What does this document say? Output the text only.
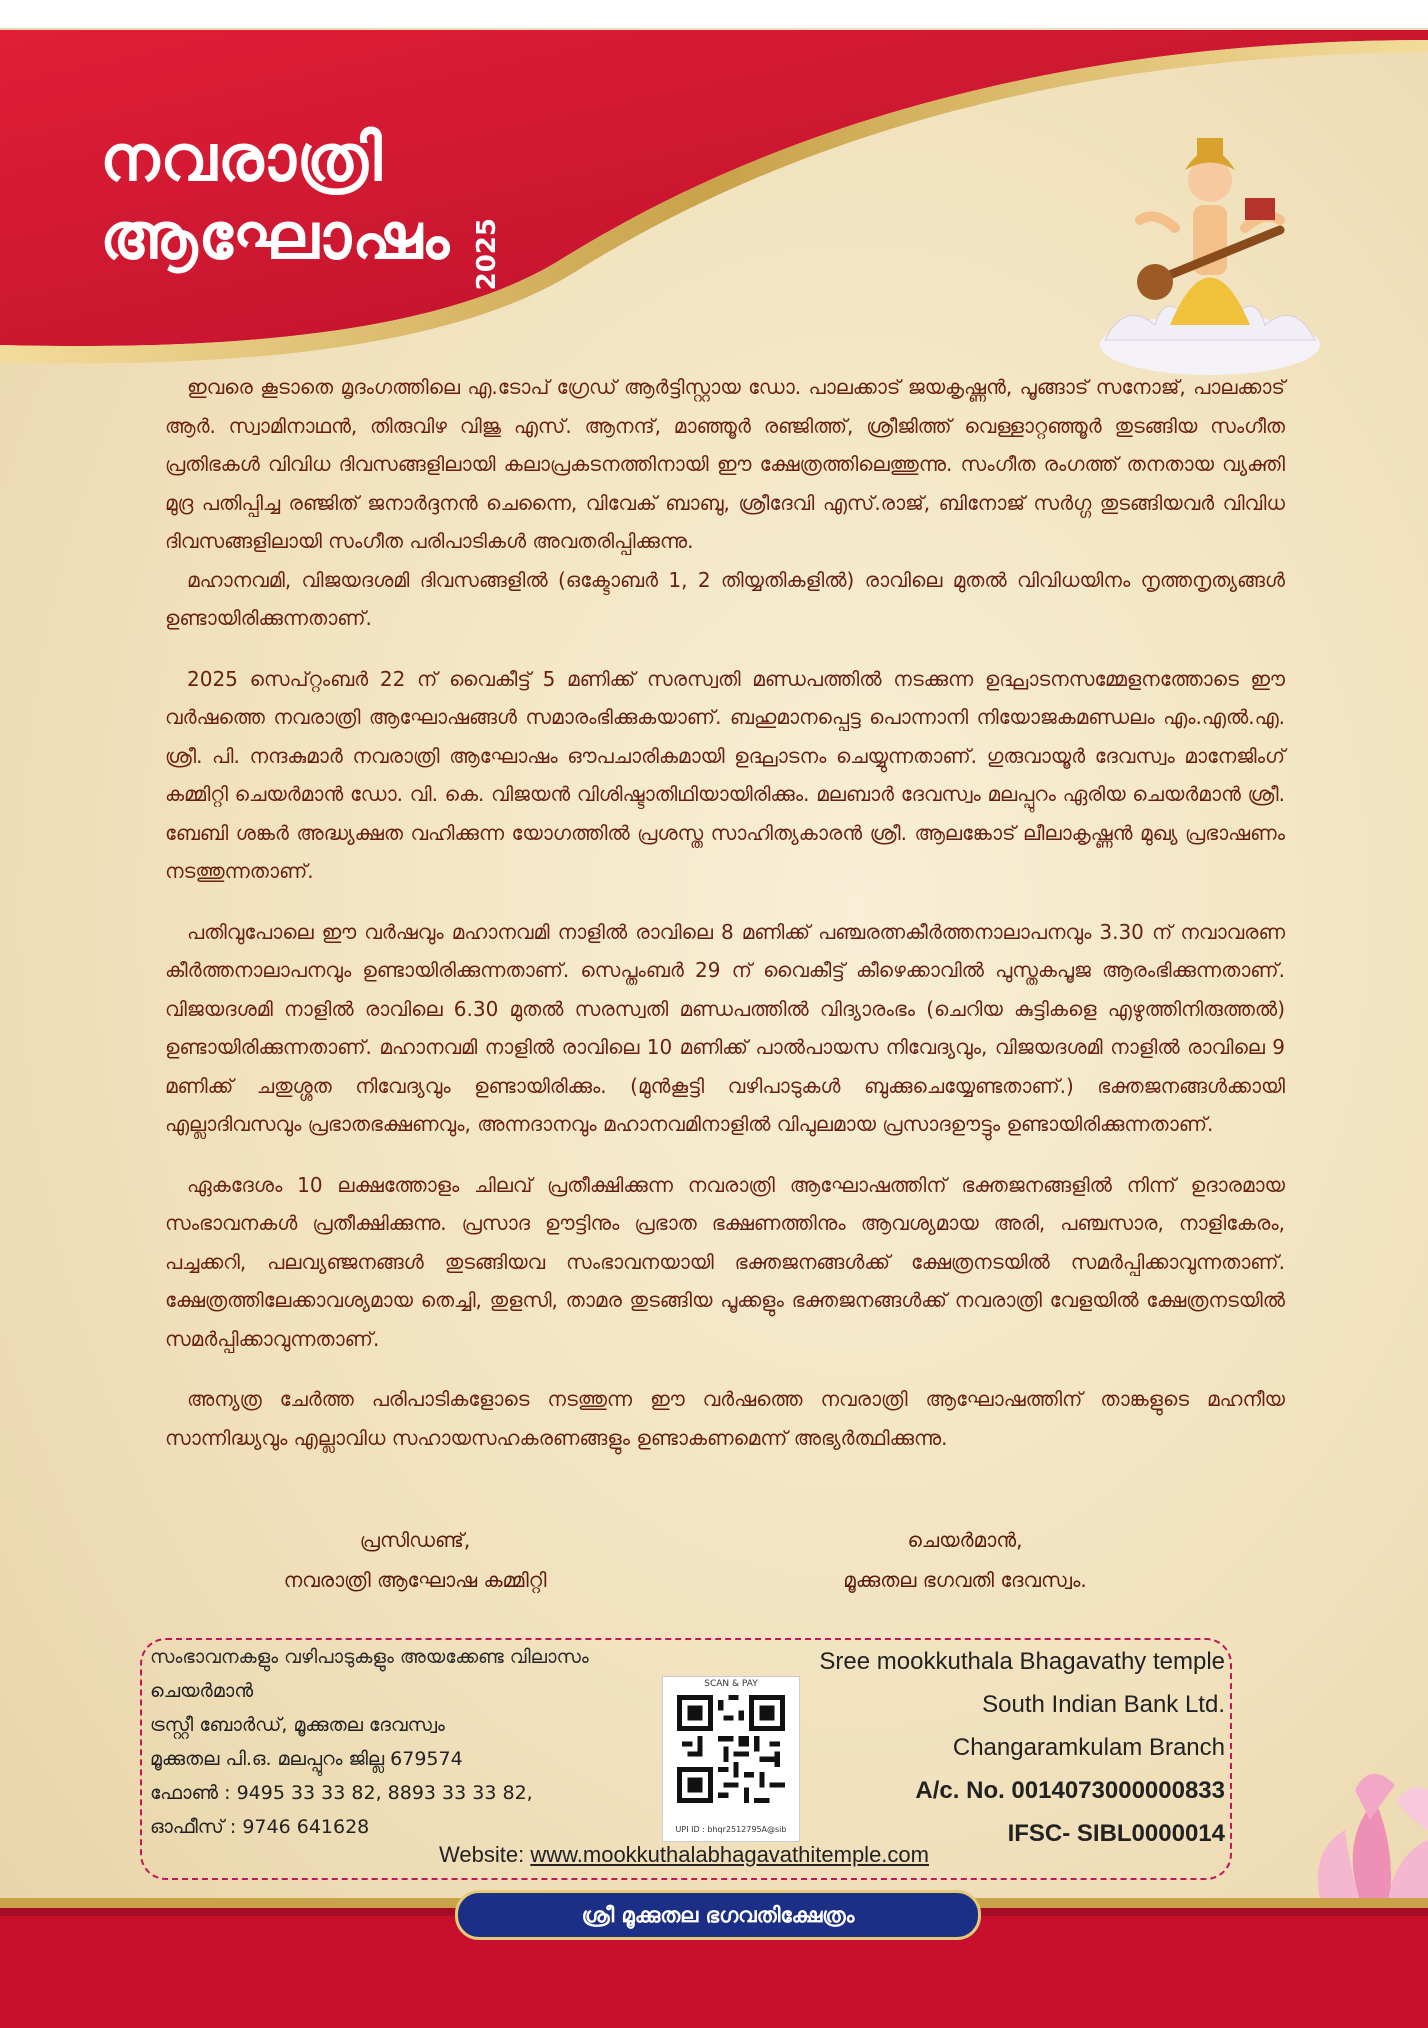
നവരാത്രി
ആഘോഷം 2025

ഇവരെ കൂടാതെ മൃദംഗത്തിലെ എ.ടോപ് ഗ്രേഡ് ആർട്ടിസ്റ്റായ ഡോ. പാലക്കാട് ജയകൃഷ്ണൻ, പൂങ്ങാട് സനോജ്, പാലക്കാട് ആർ. സ്വാമിനാഥൻ, തിരുവിഴ വിജു എസ്. ആനന്ദ്, മാഞ്ഞൂർ രഞ്ജിത്ത്, ശ്രീജിത്ത് വെള്ളാറ്റഞ്ഞൂർ തുടങ്ങിയ സംഗീത പ്രതിഭകൾ വിവിധ ദിവസങ്ങളിലായി കലാപ്രകടനത്തിനായി ഈ ക്ഷേത്രത്തിലെത്തുന്നു. സംഗീത രംഗത്ത് തനതായ വ്യക്തി മുദ്ര പതിപ്പിച്ച രഞ്ജിത് ജനാർദ്ദനൻ ചെന്നൈ, വിവേക് ബാബു, ശ്രീദേവി എസ്.രാജ്, ബിനോജ് സർഗ്ഗ തുടങ്ങിയവർ വിവിധ ദിവസങ്ങളിലായി സംഗീത പരിപാടികൾ അവതരിപ്പിക്കുന്നു.

മഹാനവമി, വിജയദശമി ദിവസങ്ങളിൽ (ഒക്ടോബർ 1, 2 തിയ്യതികളിൽ) രാവിലെ മുതൽ വിവിധയിനം നൃത്തനൃത്യങ്ങൾ ഉണ്ടായിരിക്കുന്നതാണ്.

2025 സെപ്റ്റംബർ 22 ന് വൈകീട്ട് 5 മണിക്ക് സരസ്വതി മണ്ഡപത്തിൽ നടക്കുന്ന ഉദ്ഘാടനസമ്മേളനത്തോടെ ഈ വർഷത്തെ നവരാത്രി ആഘോഷങ്ങൾ സമാരംഭിക്കുകയാണ്. ബഹുമാനപ്പെട്ട പൊന്നാനി നിയോജകമണ്ഡലം എം.എൽ.എ. ശ്രീ. പി. നന്ദകുമാർ നവരാത്രി ആഘോഷം ഔപചാരികമായി ഉദ്ഘാടനം ചെയ്യുന്നതാണ്. ഗുരുവായൂർ ദേവസ്വം മാനേജിംഗ് കമ്മിറ്റി ചെയർമാൻ ഡോ. വി. കെ. വിജയൻ വിശിഷ്ടാതിഥിയായിരിക്കും. മലബാർ ദേവസ്വം മലപ്പുറം ഏരിയ ചെയർമാൻ ശ്രീ. ബേബി ശങ്കർ അദ്ധ്യക്ഷത വഹിക്കുന്ന യോഗത്തിൽ പ്രശസ്ത സാഹിത്യകാരൻ ശ്രീ. ആലങ്കോട് ലീലാകൃഷ്ണൻ മുഖ്യ പ്രഭാഷണം നടത്തുന്നതാണ്.

പതിവുപോലെ ഈ വർഷവും മഹാനവമി നാളിൽ രാവിലെ 8 മണിക്ക് പഞ്ചരത്നകീർത്തനാലാപനവും 3.30 ന് നവാവരണ കീർത്തനാലാപനവും ഉണ്ടായിരിക്കുന്നതാണ്. സെപ്തംബർ 29 ന് വൈകീട്ട് കീഴെക്കാവിൽ പുസ്തകപൂജ ആരംഭിക്കുന്നതാണ്. വിജയദശമി നാളിൽ രാവിലെ 6.30 മുതൽ സരസ്വതി മണ്ഡപത്തിൽ വിദ്യാരംഭം (ചെറിയ കുട്ടികളെ എഴുത്തിനിരുത്തൽ) ഉണ്ടായിരിക്കുന്നതാണ്. മഹാനവമി നാളിൽ രാവിലെ 10 മണിക്ക് പാൽപായസ നിവേദ്യവും, വിജയദശമി നാളിൽ രാവിലെ 9 മണിക്ക് ചതുശ്ശത നിവേദ്യവും ഉണ്ടായിരിക്കും. (മുൻകൂട്ടി വഴിപാടുകൾ ബുക്കുചെയ്യേണ്ടതാണ്.) ഭക്തജനങ്ങൾക്കായി എല്ലാദിവസവും പ്രഭാതഭക്ഷണവും, അന്നദാനവും മഹാനവമിനാളിൽ വിപുലമായ പ്രസാദഊട്ടും ഉണ്ടായിരിക്കുന്നതാണ്.

ഏകദേശം 10 ലക്ഷത്തോളം ചിലവ് പ്രതീക്ഷിക്കുന്ന നവരാത്രി ആഘോഷത്തിന് ഭക്തജനങ്ങളിൽ നിന്ന് ഉദാരമായ സംഭാവനകൾ പ്രതീക്ഷിക്കുന്നു. പ്രസാദ ഊട്ടിനും പ്രഭാത ഭക്ഷണത്തിനും ആവശ്യമായ അരി, പഞ്ചസാര, നാളികേരം, പച്ചക്കറി, പലവ്യഞ്ജനങ്ങൾ തുടങ്ങിയവ സംഭാവനയായി ഭക്തജനങ്ങൾക്ക് ക്ഷേത്രനടയിൽ സമർപ്പിക്കാവുന്നതാണ്. ക്ഷേത്രത്തിലേക്കാവശ്യമായ തെച്ചി, തുളസി, താമര തുടങ്ങിയ പൂക്കളും ഭക്തജനങ്ങൾക്ക് നവരാത്രി വേളയിൽ ക്ഷേത്രനടയിൽ സമർപ്പിക്കാവുന്നതാണ്.

അന്യത്ര ചേർത്ത പരിപാടികളോടെ നടത്തുന്ന ഈ വർഷത്തെ നവരാത്രി ആഘോഷത്തിന് താങ്കളുടെ മഹനീയ സാന്നിദ്ധ്യവും എല്ലാവിധ സഹായസഹകരണങ്ങളും ഉണ്ടാകണമെന്ന് അഭ്യർത്ഥിക്കുന്നു.

പ്രസിഡണ്ട്,
നവരാത്രി ആഘോഷ കമ്മിറ്റി
ചെയർമാൻ,
മൂക്കുതല ഭഗവതി ദേവസ്വം.
സംഭാവനകളും വഴിപാടുകളും അയക്കേണ്ട വിലാസം
ചെയർമാൻ
ട്രസ്റ്റീ ബോർഡ്, മൂക്കുതല ദേവസ്വം
മൂക്കുതല പി.ഒ. മലപ്പുറം ജില്ല 679574
ഫോൺ : 9495 33 33 82, 8893 33 33 82,
ഓഫീസ് : 9746 641628
SCAN & PAY
UPI ID : bhqr2512795A@sib
Sree mookkuthala Bhagavathy temple
South Indian Bank Ltd.
Changaramkulam Branch
A/c. No. 0014073000000833
IFSC- SIBL0000014
Website: www.mookkuthalabhagavathitemple.com
ശ്രീ മൂക്കുതല ഭഗവതിക്ഷേത്രം
